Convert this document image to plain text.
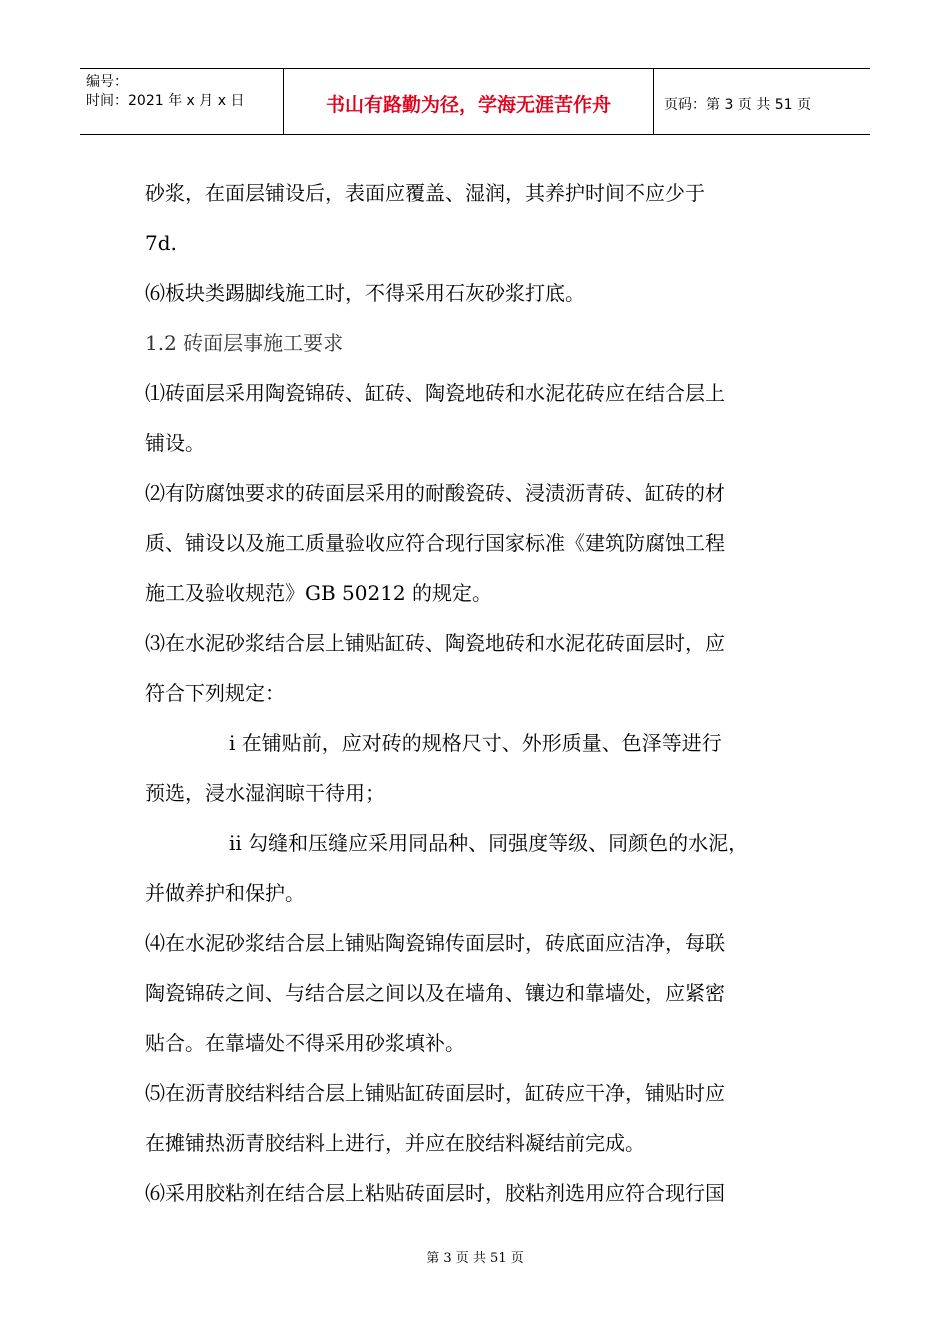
编号：
时间：2021 年 x 月 x 日	书山有路勤为径，学海无涯苦作舟	页码：第 3 页 共 51 页

砂浆，在面层铺设后，表面应覆盖、湿润，其养护时间不应少于

7d.

⑹板块类踢脚线施工时，不得采用石灰砂浆打底。

1.2 砖面层事施工要求

⑴砖面层采用陶瓷锦砖、缸砖、陶瓷地砖和水泥花砖应在结合层上

铺设。

⑵有防腐蚀要求的砖面层采用的耐酸瓷砖、浸渍沥青砖、缸砖的材

质、铺设以及施工质量验收应符合现行国家标准《建筑防腐蚀工程

施工及验收规范》GB 50212 的规定。

⑶在水泥砂浆结合层上铺贴缸砖、陶瓷地砖和水泥花砖面层时，应

符合下列规定：

ⅰ 在铺贴前，应对砖的规格尺寸、外形质量、色泽等进行

预选，浸水湿润晾干待用；

ⅱ 勾缝和压缝应采用同品种、同强度等级、同颜色的水泥，

并做养护和保护。

⑷在水泥砂浆结合层上铺贴陶瓷锦传面层时，砖底面应洁净，每联

陶瓷锦砖之间、与结合层之间以及在墙角、镶边和靠墙处，应紧密

贴合。在靠墙处不得采用砂浆填补。

⑸在沥青胶结料结合层上铺贴缸砖面层时，缸砖应干净，铺贴时应

在摊铺热沥青胶结料上进行，并应在胶结料凝结前完成。

⑹采用胶粘剂在结合层上粘贴砖面层时，胶粘剂选用应符合现行国

第 3 页 共 51 页
